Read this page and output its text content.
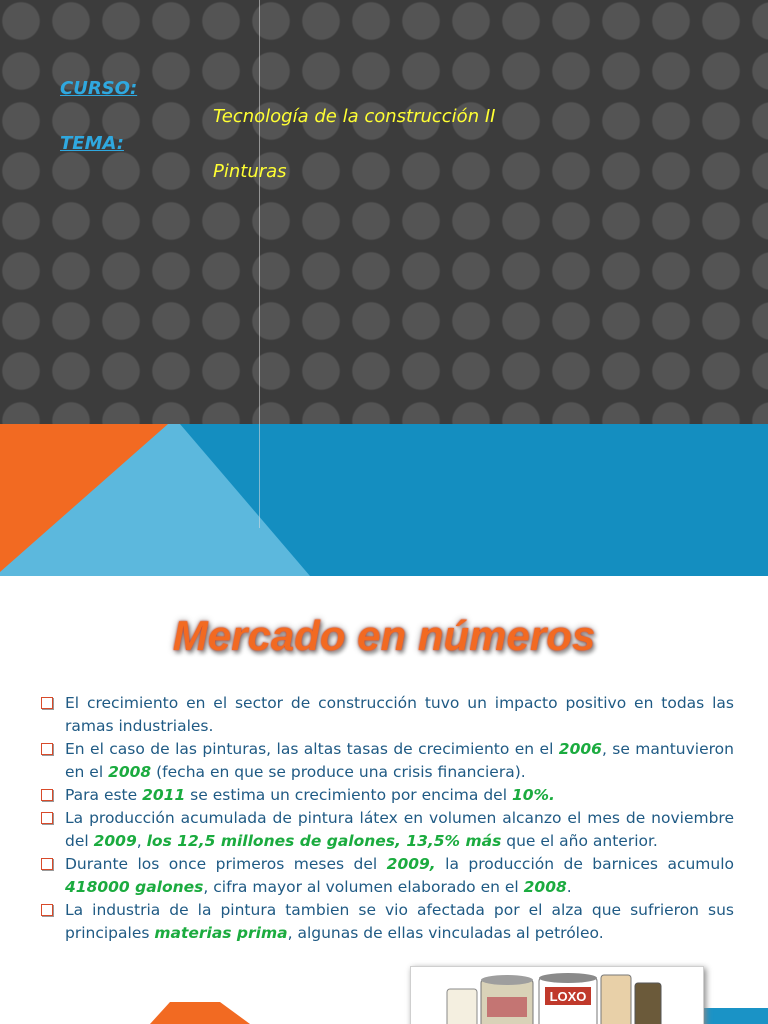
CURSO:
Tecnología de la construcción II
TEMA:
Pinturas
Mercado en números
El crecimiento en el sector de construcción tuvo un impacto positivo en todas las ramas industriales.
En el caso de las pinturas, las altas tasas de crecimiento en el 2006, se mantuvieron en el 2008 (fecha en que se produce una crisis financiera).
Para este 2011 se estima un crecimiento por encima del 10%.
La producción acumulada de pintura látex en volumen alcanzo el mes de noviembre del 2009, los 12,5 millones de galones, 13,5% más que el año anterior.
Durante los once primeros meses del 2009, la producción de barnices acumulo 418000 galones, cifra mayor al volumen elaborado en el 2008.
La industria de la pintura tambien se vio afectada por el alza que sufrieron sus principales materias prima, algunas de ellas vinculadas al petróleo.
LOXO
